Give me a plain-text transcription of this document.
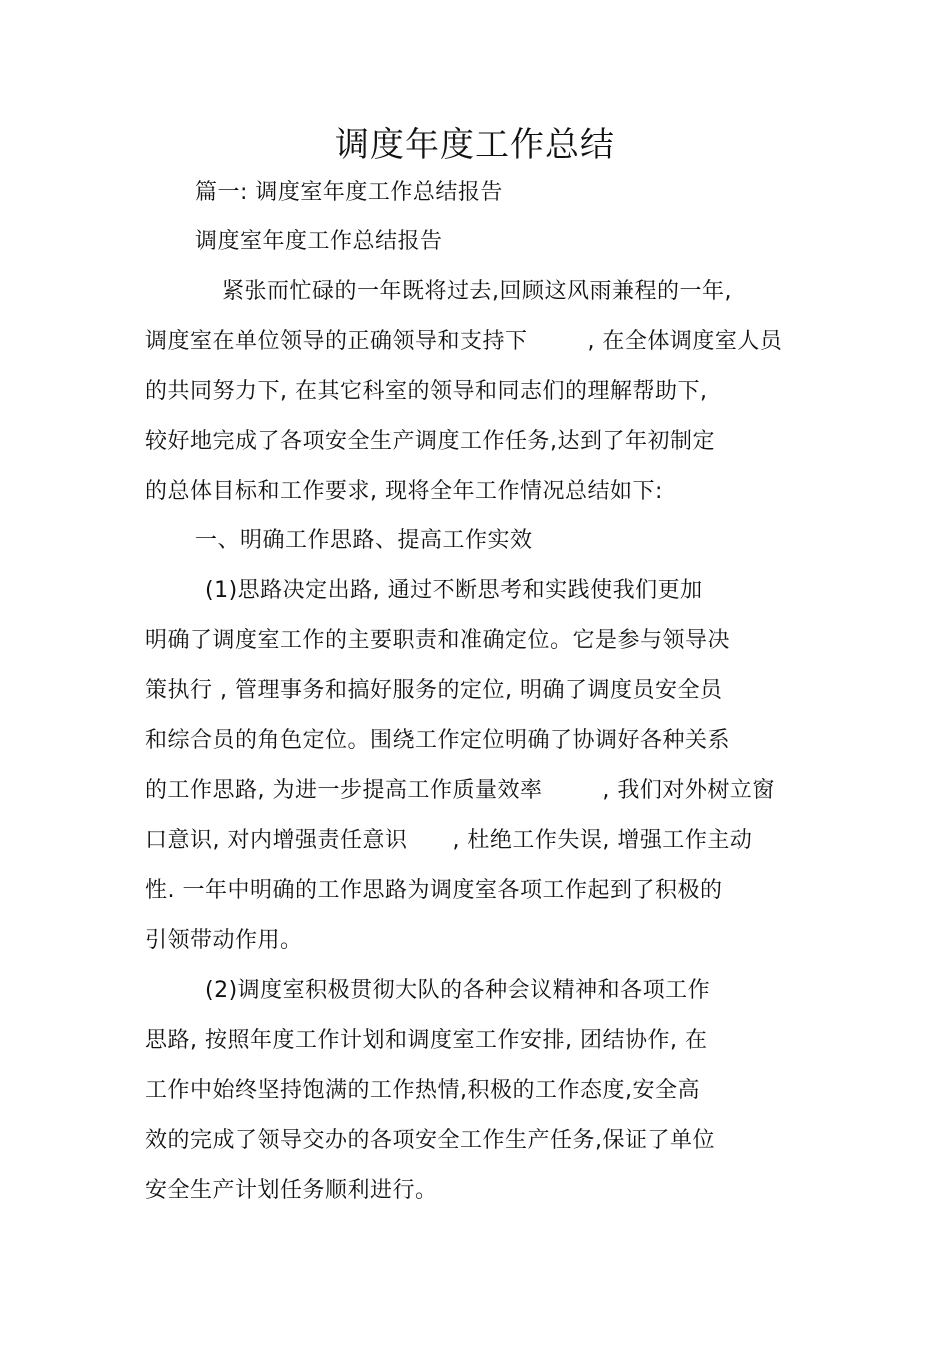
调度年度工作总结
篇一: 调度室年度工作总结报告
调度室年度工作总结报告
紧张而忙碌的一年既将过去,回顾这风雨兼程的一年,
调度室在单位领导的正确领导和支持下        , 在全体调度室人员
的共同努力下, 在其它科室的领导和同志们的理解帮助下,
较好地完成了各项安全生产调度工作任务,达到了年初制定
的总体目标和工作要求, 现将全年工作情况总结如下:
一、明确工作思路、提高工作实效
(1)思路决定出路, 通过不断思考和实践使我们更加
明确了调度室工作的主要职责和准确定位。它是参与领导决
策执行 , 管理事务和搞好服务的定位, 明确了调度员安全员
和综合员的角色定位。围绕工作定位明确了协调好各种关系
的工作思路, 为进一步提高工作质量效率        , 我们对外树立窗
口意识, 对内增强责任意识      , 杜绝工作失误, 增强工作主动
性. 一年中明确的工作思路为调度室各项工作起到了积极的
引领带动作用。
(2)调度室积极贯彻大队的各种会议精神和各项工作
思路, 按照年度工作计划和调度室工作安排, 团结协作, 在
工作中始终坚持饱满的工作热情,积极的工作态度,安全高
效的完成了领导交办的各项安全工作生产任务,保证了单位
安全生产计划任务顺利进行。
